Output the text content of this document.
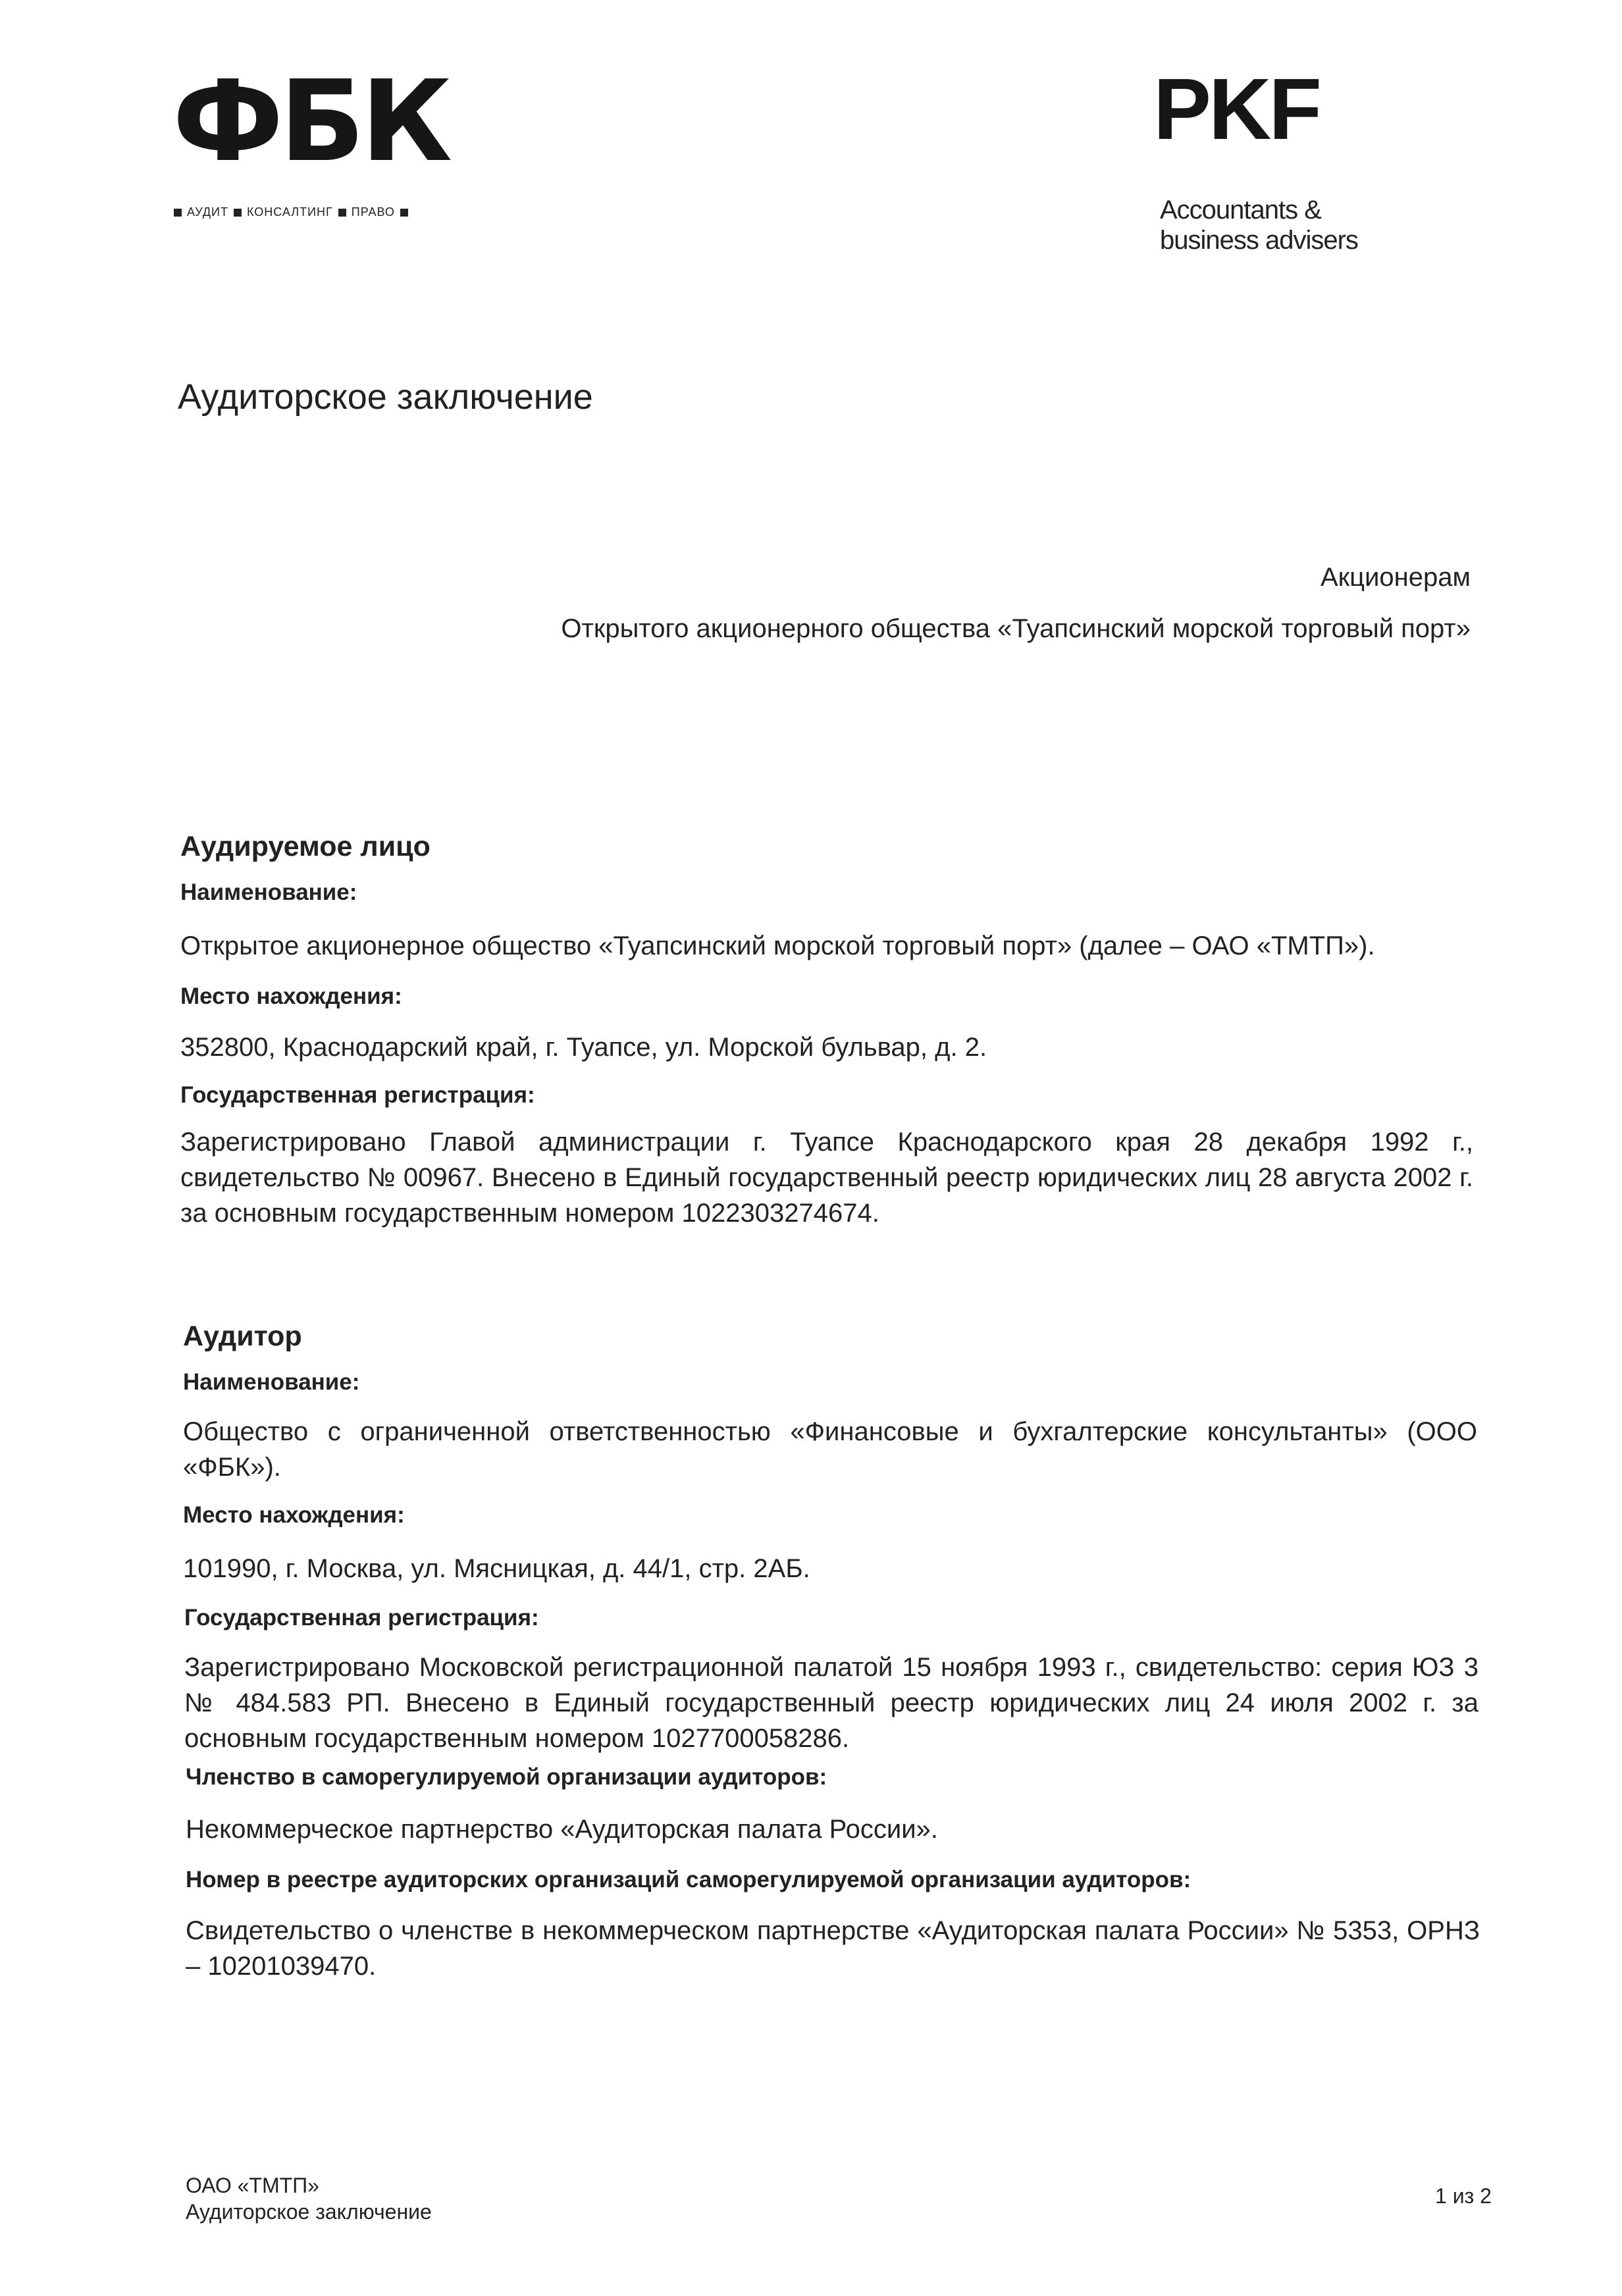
ФБК
АУДИТ КОНСАЛТИНГ ПРАВО
PKF
Accountants &
business advisers
Аудиторское заключение
Акционерам
Открытого акционерного общества «Туапсинский морской торговый порт»
Аудируемое лицо
Наименование:
Открытое акционерное общество «Туапсинский морской торговый порт» (далее – ОАО «ТМТП»).
Место нахождения:
352800, Краснодарский край, г. Туапсе, ул. Морской бульвар, д. 2.
Государственная регистрация:
Зарегистрировано Главой администрации г. Туапсе Краснодарского края 28 декабря 1992 г., свидетельство № 00967. Внесено в Единый государственный реестр юридических лиц 28 августа 2002 г. за основным государственным номером 1022303274674.
Аудитор
Наименование:
Общество с ограниченной ответственностью «Финансовые и бухгалтерские консультанты» (ООО «ФБК»).
Место нахождения:
101990, г. Москва, ул. Мясницкая, д. 44/1, стр. 2АБ.
Государственная регистрация:
Зарегистрировано Московской регистрационной палатой 15 ноября 1993 г., свидетельство: серия ЮЗ 3 № 484.583 РП. Внесено в Единый государственный реестр юридических лиц 24 июля 2002 г. за основным государственным номером 1027700058286.
Членство в саморегулируемой организации аудиторов:
Некоммерческое партнерство «Аудиторская палата России».
Номер в реестре аудиторских организаций саморегулируемой организации аудиторов:
Свидетельство о членстве в некоммерческом партнерстве «Аудиторская палата России» № 5353, ОРНЗ – 10201039470.
ОАО «ТМТП»
Аудиторское заключение
1 из 2
